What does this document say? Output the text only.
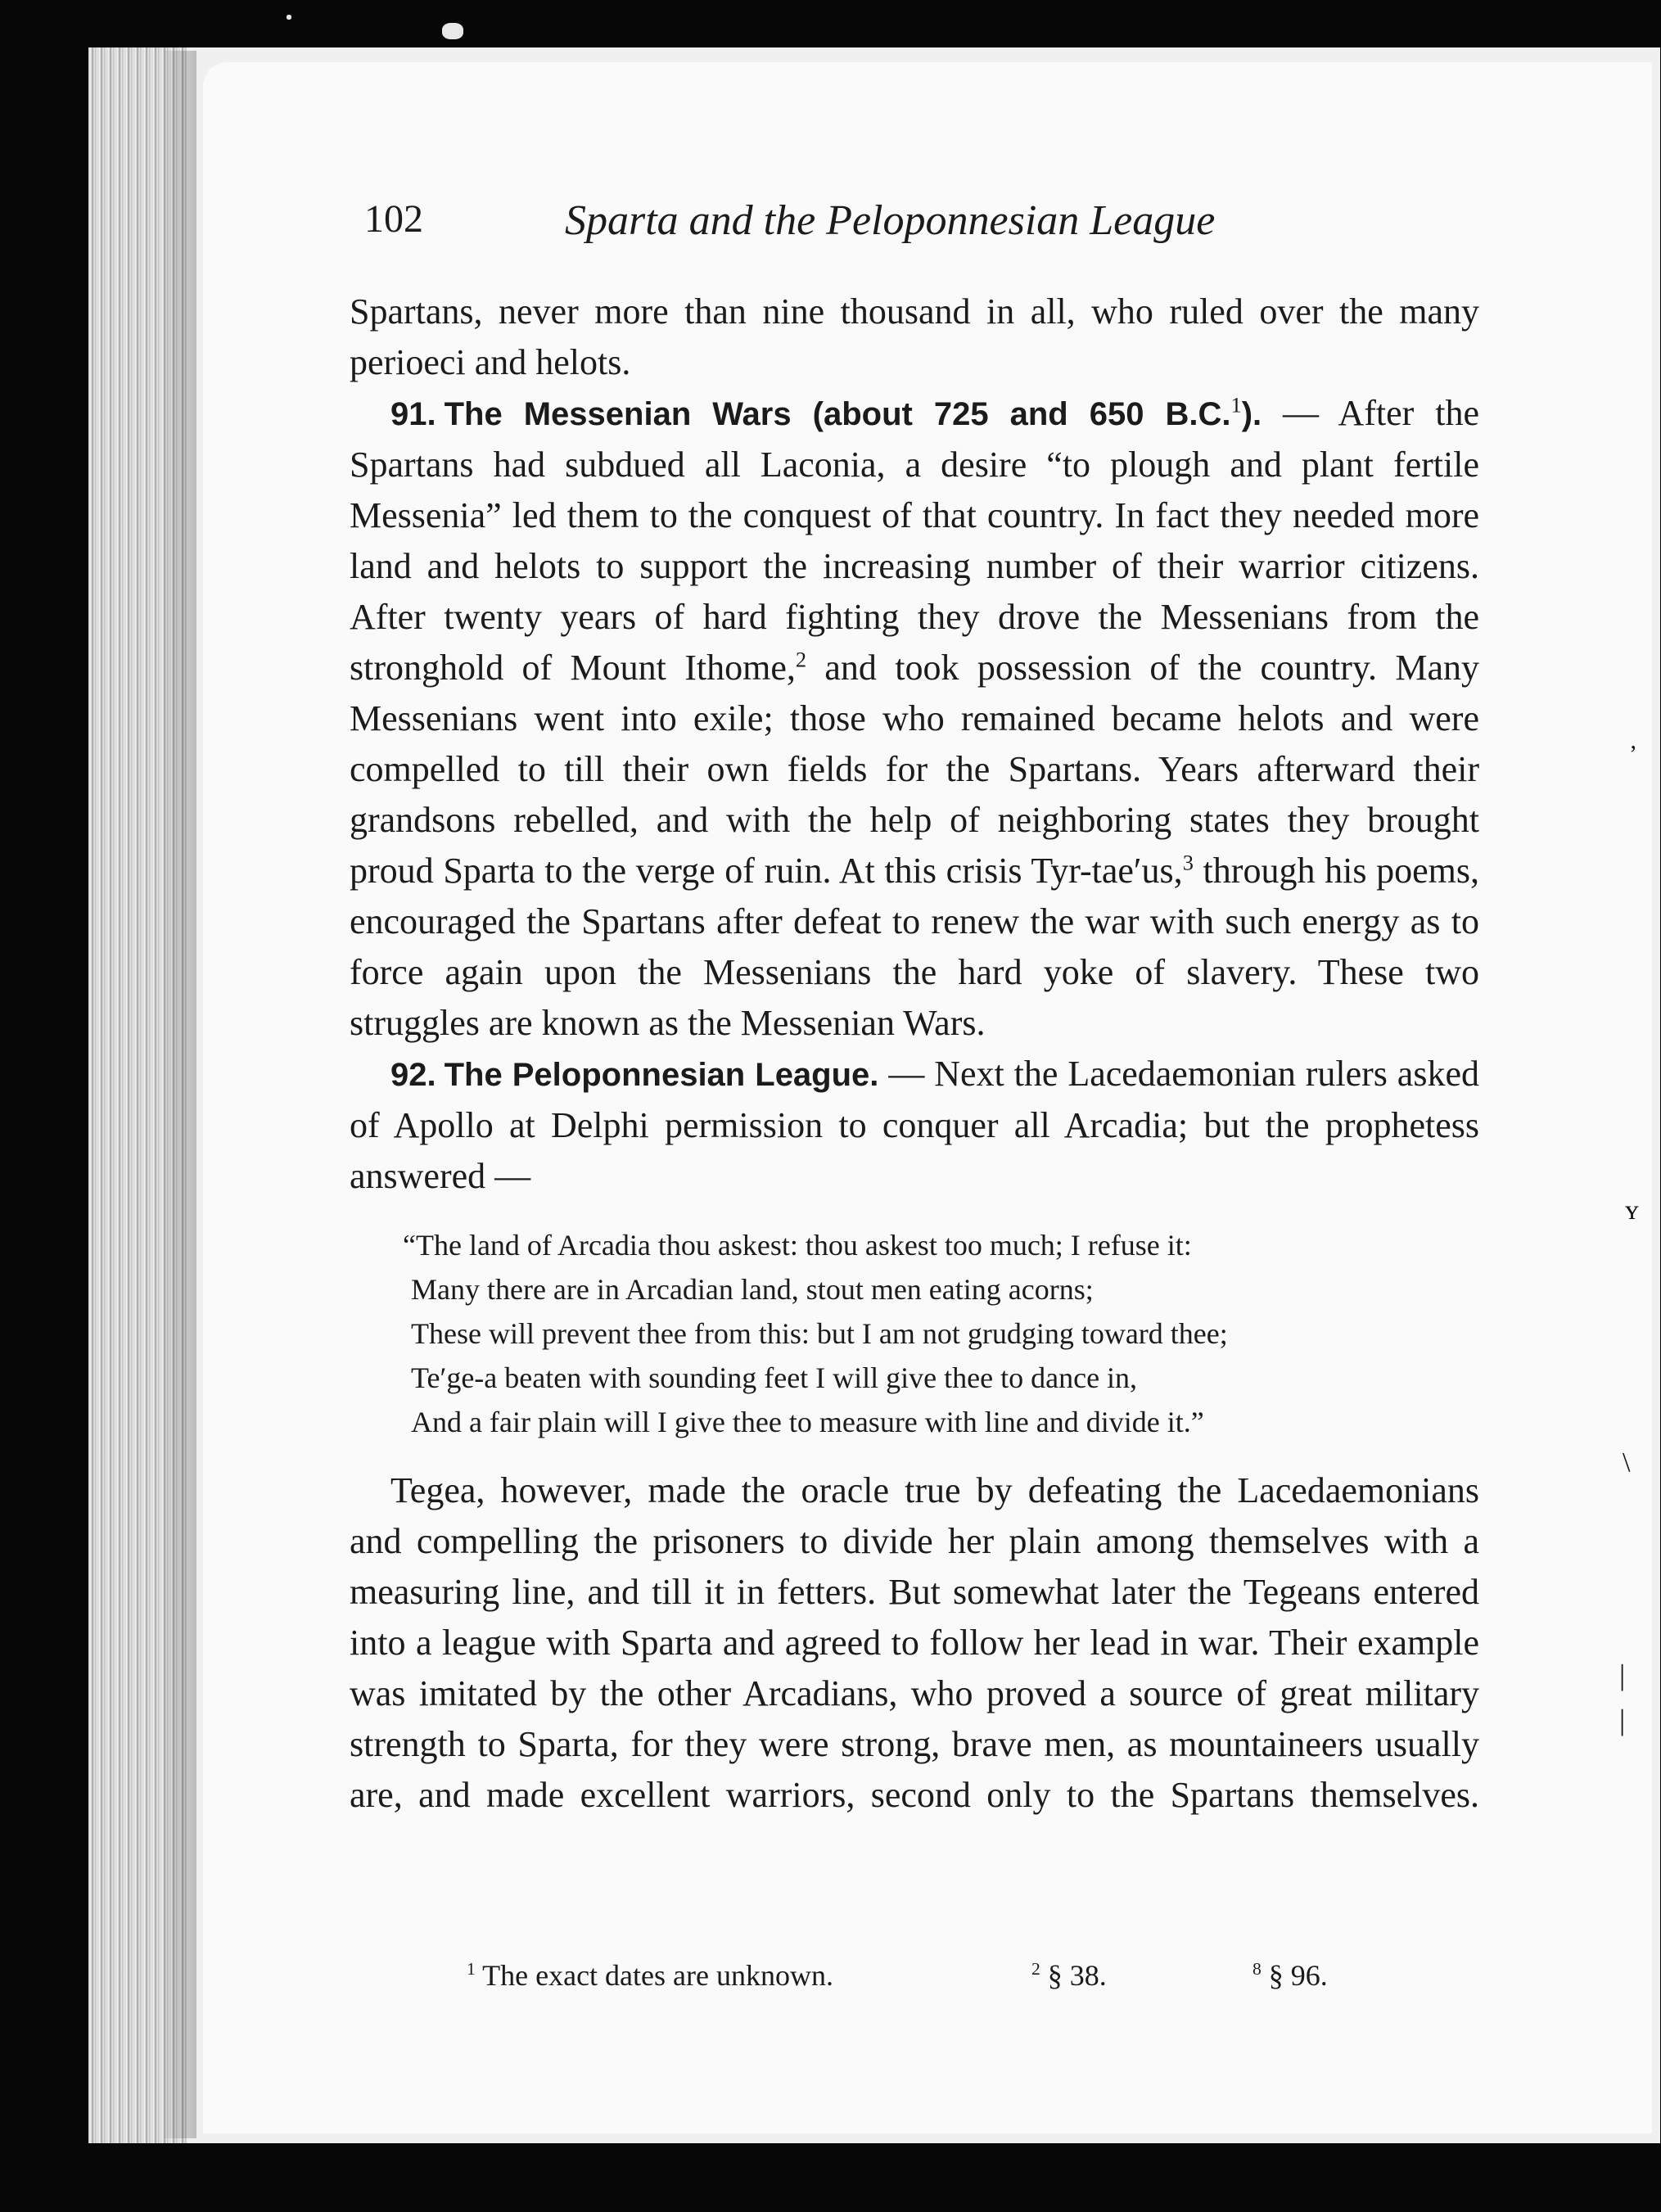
ʼ
ʏ
\
|
|
102	Sparta and the Peloponnesian League

Spartans, never more than nine thousand in all, who ruled over the many perioeci and helots.

91. The Messenian Wars (about 725 and 650 B.C.$^1$). — After the Spartans had subdued all Laconia, a desire “to plough and plant fertile Messenia” led them to the conquest of that country. In fact they needed more land and helots to support the increasing number of their warrior citizens. After twenty years of hard fighting they drove the Messenians from the stronghold of Mount Ithome,$^2$ and took possession of the country. Many Messenians went into exile; those who remained became helots and were compelled to till their own fields for the Spartans. Years afterward their grandsons rebelled, and with the help of neighboring states they brought proud Sparta to the verge of ruin. At this crisis Tyr-tae′us,$^3$ through his poems, encouraged the Spartans after defeat to renew the war with such energy as to force again upon the Messenians the hard yoke of slavery. These two struggles are known as the Messenian Wars.

92. The Peloponnesian League. — Next the Lacedaemonian rulers asked of Apollo at Delphi permission to conquer all Arcadia; but the prophetess answered —

“The land of Arcadia thou askest: thou askest too much; I refuse it:
Many there are in Arcadian land, stout men eating acorns;
These will prevent thee from this: but I am not grudging toward thee;
Te′ge-a beaten with sounding feet I will give thee to dance in,
And a fair plain will I give thee to measure with line and divide it.”

Tegea, however, made the oracle true by defeating the Lacedaemonians and compelling the prisoners to divide her plain among themselves with a measuring line, and till it in fetters. But somewhat later the Tegeans entered into a league with Sparta and agreed to follow her lead in war. Their example was imitated by the other Arcadians, who proved a source of great military strength to Sparta, for they were strong, brave men, as mountaineers usually are, and made excellent warriors, second only to the Spartans themselves.

$^1$ The exact dates are unknown.	$^2$ § 38.	$^8$ § 96.
